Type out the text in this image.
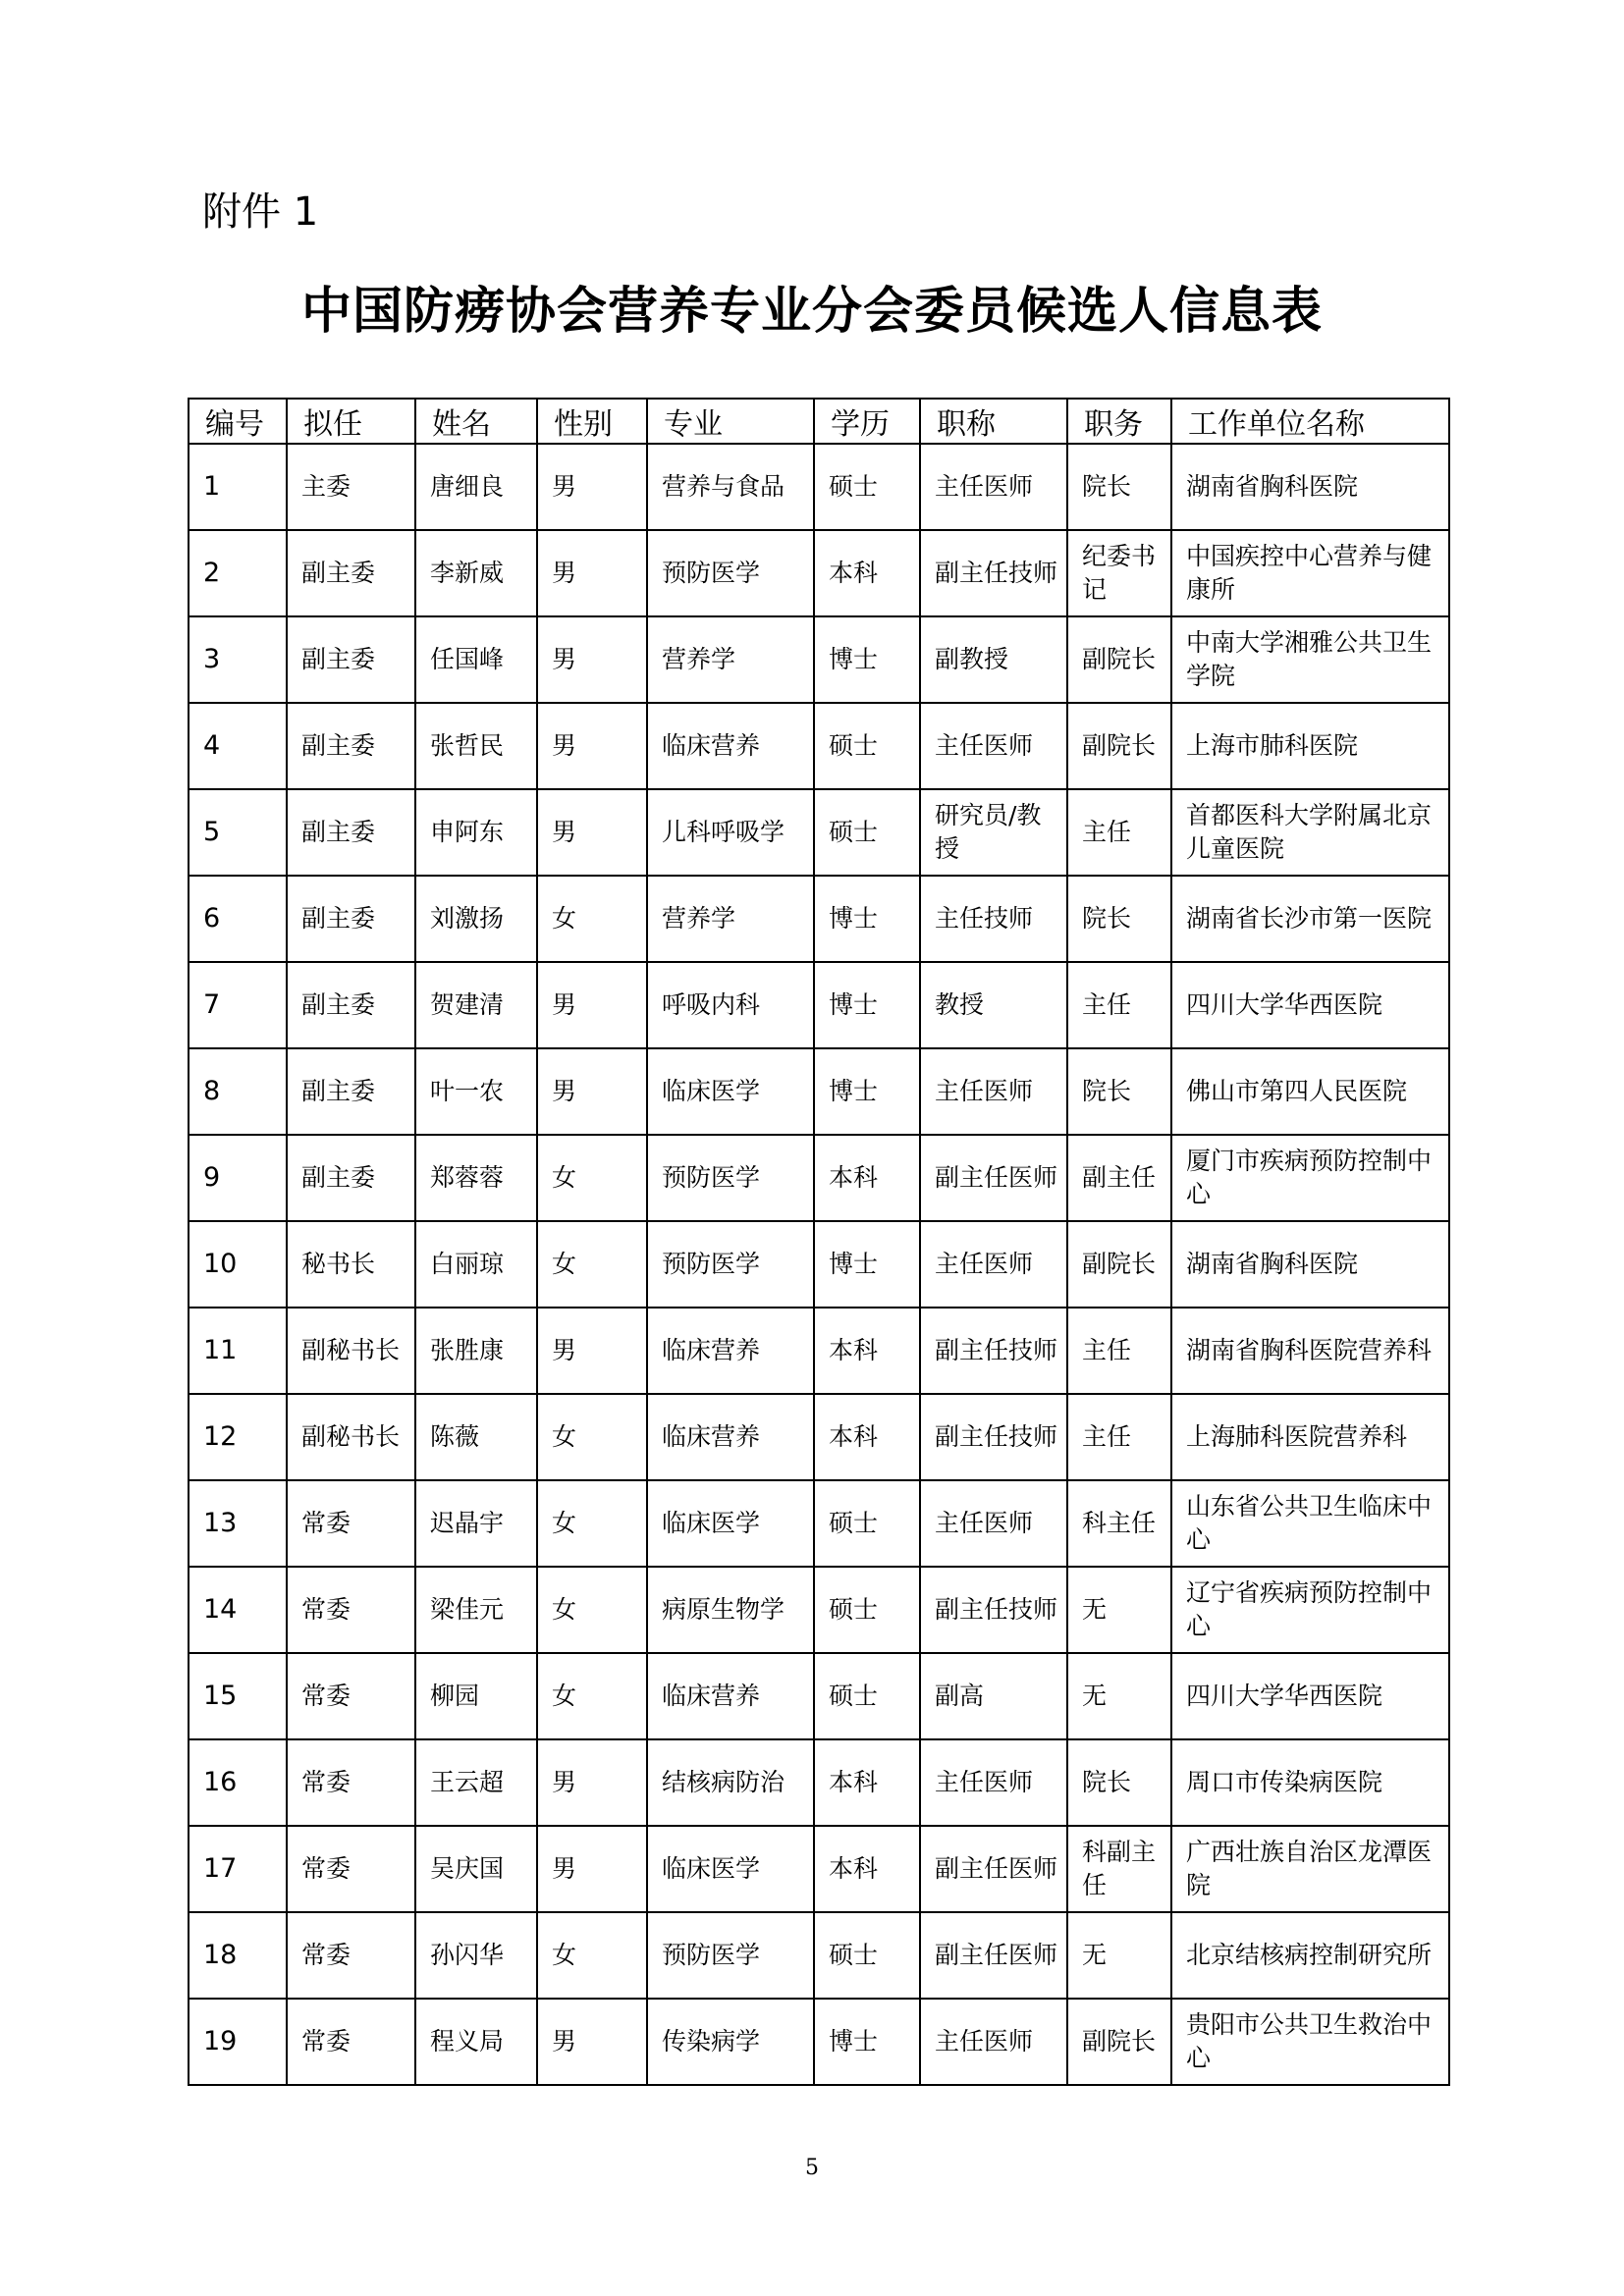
附件 1
中国防痨协会营养专业分会委员候选人信息表
编号	拟任	姓名	性别	专业	学历	职称	职务	工作单位名称
1	主委	唐细良	男	营养与食品	硕士	主任医师	院长	湖南省胸科医院
2	副主委	李新威	男	预防医学	本科	副主任技师	纪委书记	中国疾控中心营养与健康所
3	副主委	任国峰	男	营养学	博士	副教授	副院长	中南大学湘雅公共卫生学院
4	副主委	张哲民	男	临床营养	硕士	主任医师	副院长	上海市肺科医院
5	副主委	申阿东	男	儿科呼吸学	硕士	研究员/教授	主任	首都医科大学附属北京儿童医院
6	副主委	刘激扬	女	营养学	博士	主任技师	院长	湖南省长沙市第一医院
7	副主委	贺建清	男	呼吸内科	博士	教授	主任	四川大学华西医院
8	副主委	叶一农	男	临床医学	博士	主任医师	院长	佛山市第四人民医院
9	副主委	郑蓉蓉	女	预防医学	本科	副主任医师	副主任	厦门市疾病预防控制中心
10	秘书长	白丽琼	女	预防医学	博士	主任医师	副院长	湖南省胸科医院
11	副秘书长	张胜康	男	临床营养	本科	副主任技师	主任	湖南省胸科医院营养科
12	副秘书长	陈薇	女	临床营养	本科	副主任技师	主任	上海肺科医院营养科
13	常委	迟晶宇	女	临床医学	硕士	主任医师	科主任	山东省公共卫生临床中心
14	常委	梁佳元	女	病原生物学	硕士	副主任技师	无	辽宁省疾病预防控制中心
15	常委	柳园	女	临床营养	硕士	副高	无	四川大学华西医院
16	常委	王云超	男	结核病防治	本科	主任医师	院长	周口市传染病医院
17	常委	吴庆国	男	临床医学	本科	副主任医师	科副主任	广西壮族自治区龙潭医院
18	常委	孙闪华	女	预防医学	硕士	副主任医师	无	北京结核病控制研究所
19	常委	程义局	男	传染病学	博士	主任医师	副院长	贵阳市公共卫生救治中心
5
